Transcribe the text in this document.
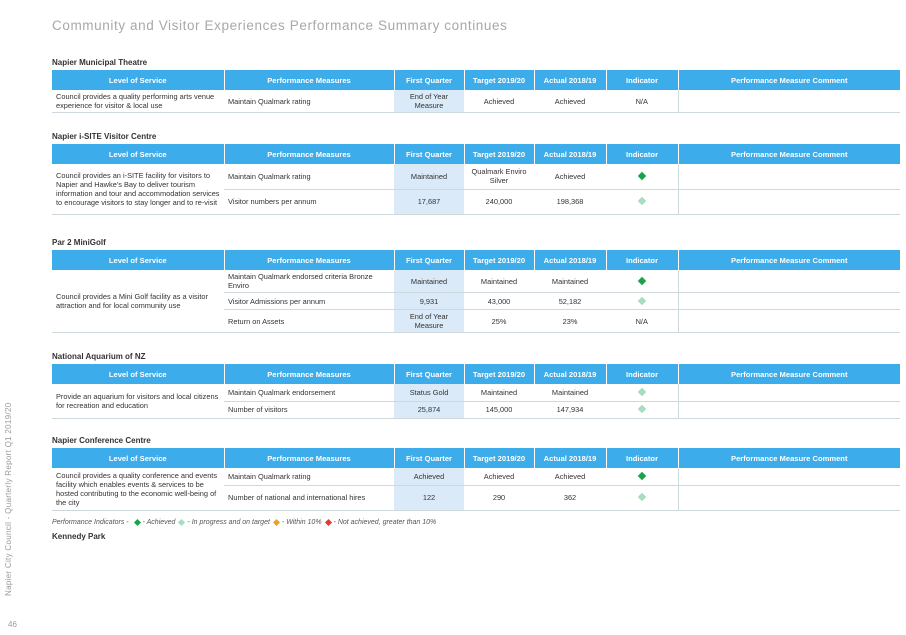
Community and Visitor Experiences Performance Summary continues
Napier City Council - Quarterly Report Q1 2019/20
46
Napier Municipal Theatre
Level of Service	Performance Measures	First Quarter	Target 2019/20	Actual 2018/19	Indicator	Performance Measure Comment
Council provides a quality performing arts venue experience for visitor & local use	Maintain Qualmark rating	End of Year Measure	Achieved	Achieved	N/A	
Napier i-SITE Visitor Centre
Level of Service	Performance Measures	First Quarter	Target 2019/20	Actual 2018/19	Indicator	Performance Measure Comment
Council provides an i-SITE facility for visitors to Napier and Hawke's Bay to deliver tourism information and tour and accommodation services to encourage visitors to stay longer and to re-visit	Maintain Qualmark rating	Maintained	Qualmark Enviro Silver	Achieved		
	Visitor numbers per annum	17,687	240,000	198,368		
Par 2 MiniGolf
Level of Service	Performance Measures	First Quarter	Target 2019/20	Actual 2018/19	Indicator	Performance Measure Comment
Council provides a Mini Golf facility as a visitor attraction and for local community use	Maintain Qualmark endorsed criteria Bronze Enviro	Maintained	Maintained	Maintained		
	Visitor Admissions per annum	9,931	43,000	52,182		
	Return on Assets	End of Year Measure	25%	23%	N/A	
National Aquarium of NZ
Level of Service	Performance Measures	First Quarter	Target 2019/20	Actual 2018/19	Indicator	Performance Measure Comment
Provide an aquarium for visitors and local citizens for recreation and education	Maintain Qualmark endorsement	Status Gold	Maintained	Maintained		
	Number of visitors	25,874	145,000	147,934		
Napier Conference Centre
Level of Service	Performance Measures	First Quarter	Target 2019/20	Actual 2018/19	Indicator	Performance Measure Comment
Council provides a quality conference and events facility which enables events & services to be hosted contributing to the economic well-being of the city	Maintain Qualmark rating	Achieved	Achieved	Achieved		
	Number of national and international hires	122	290	362		
Performance Indicators - - Achieved - In progress and on target - Within 10% - Not achieved, greater than 10%
Kennedy Park
